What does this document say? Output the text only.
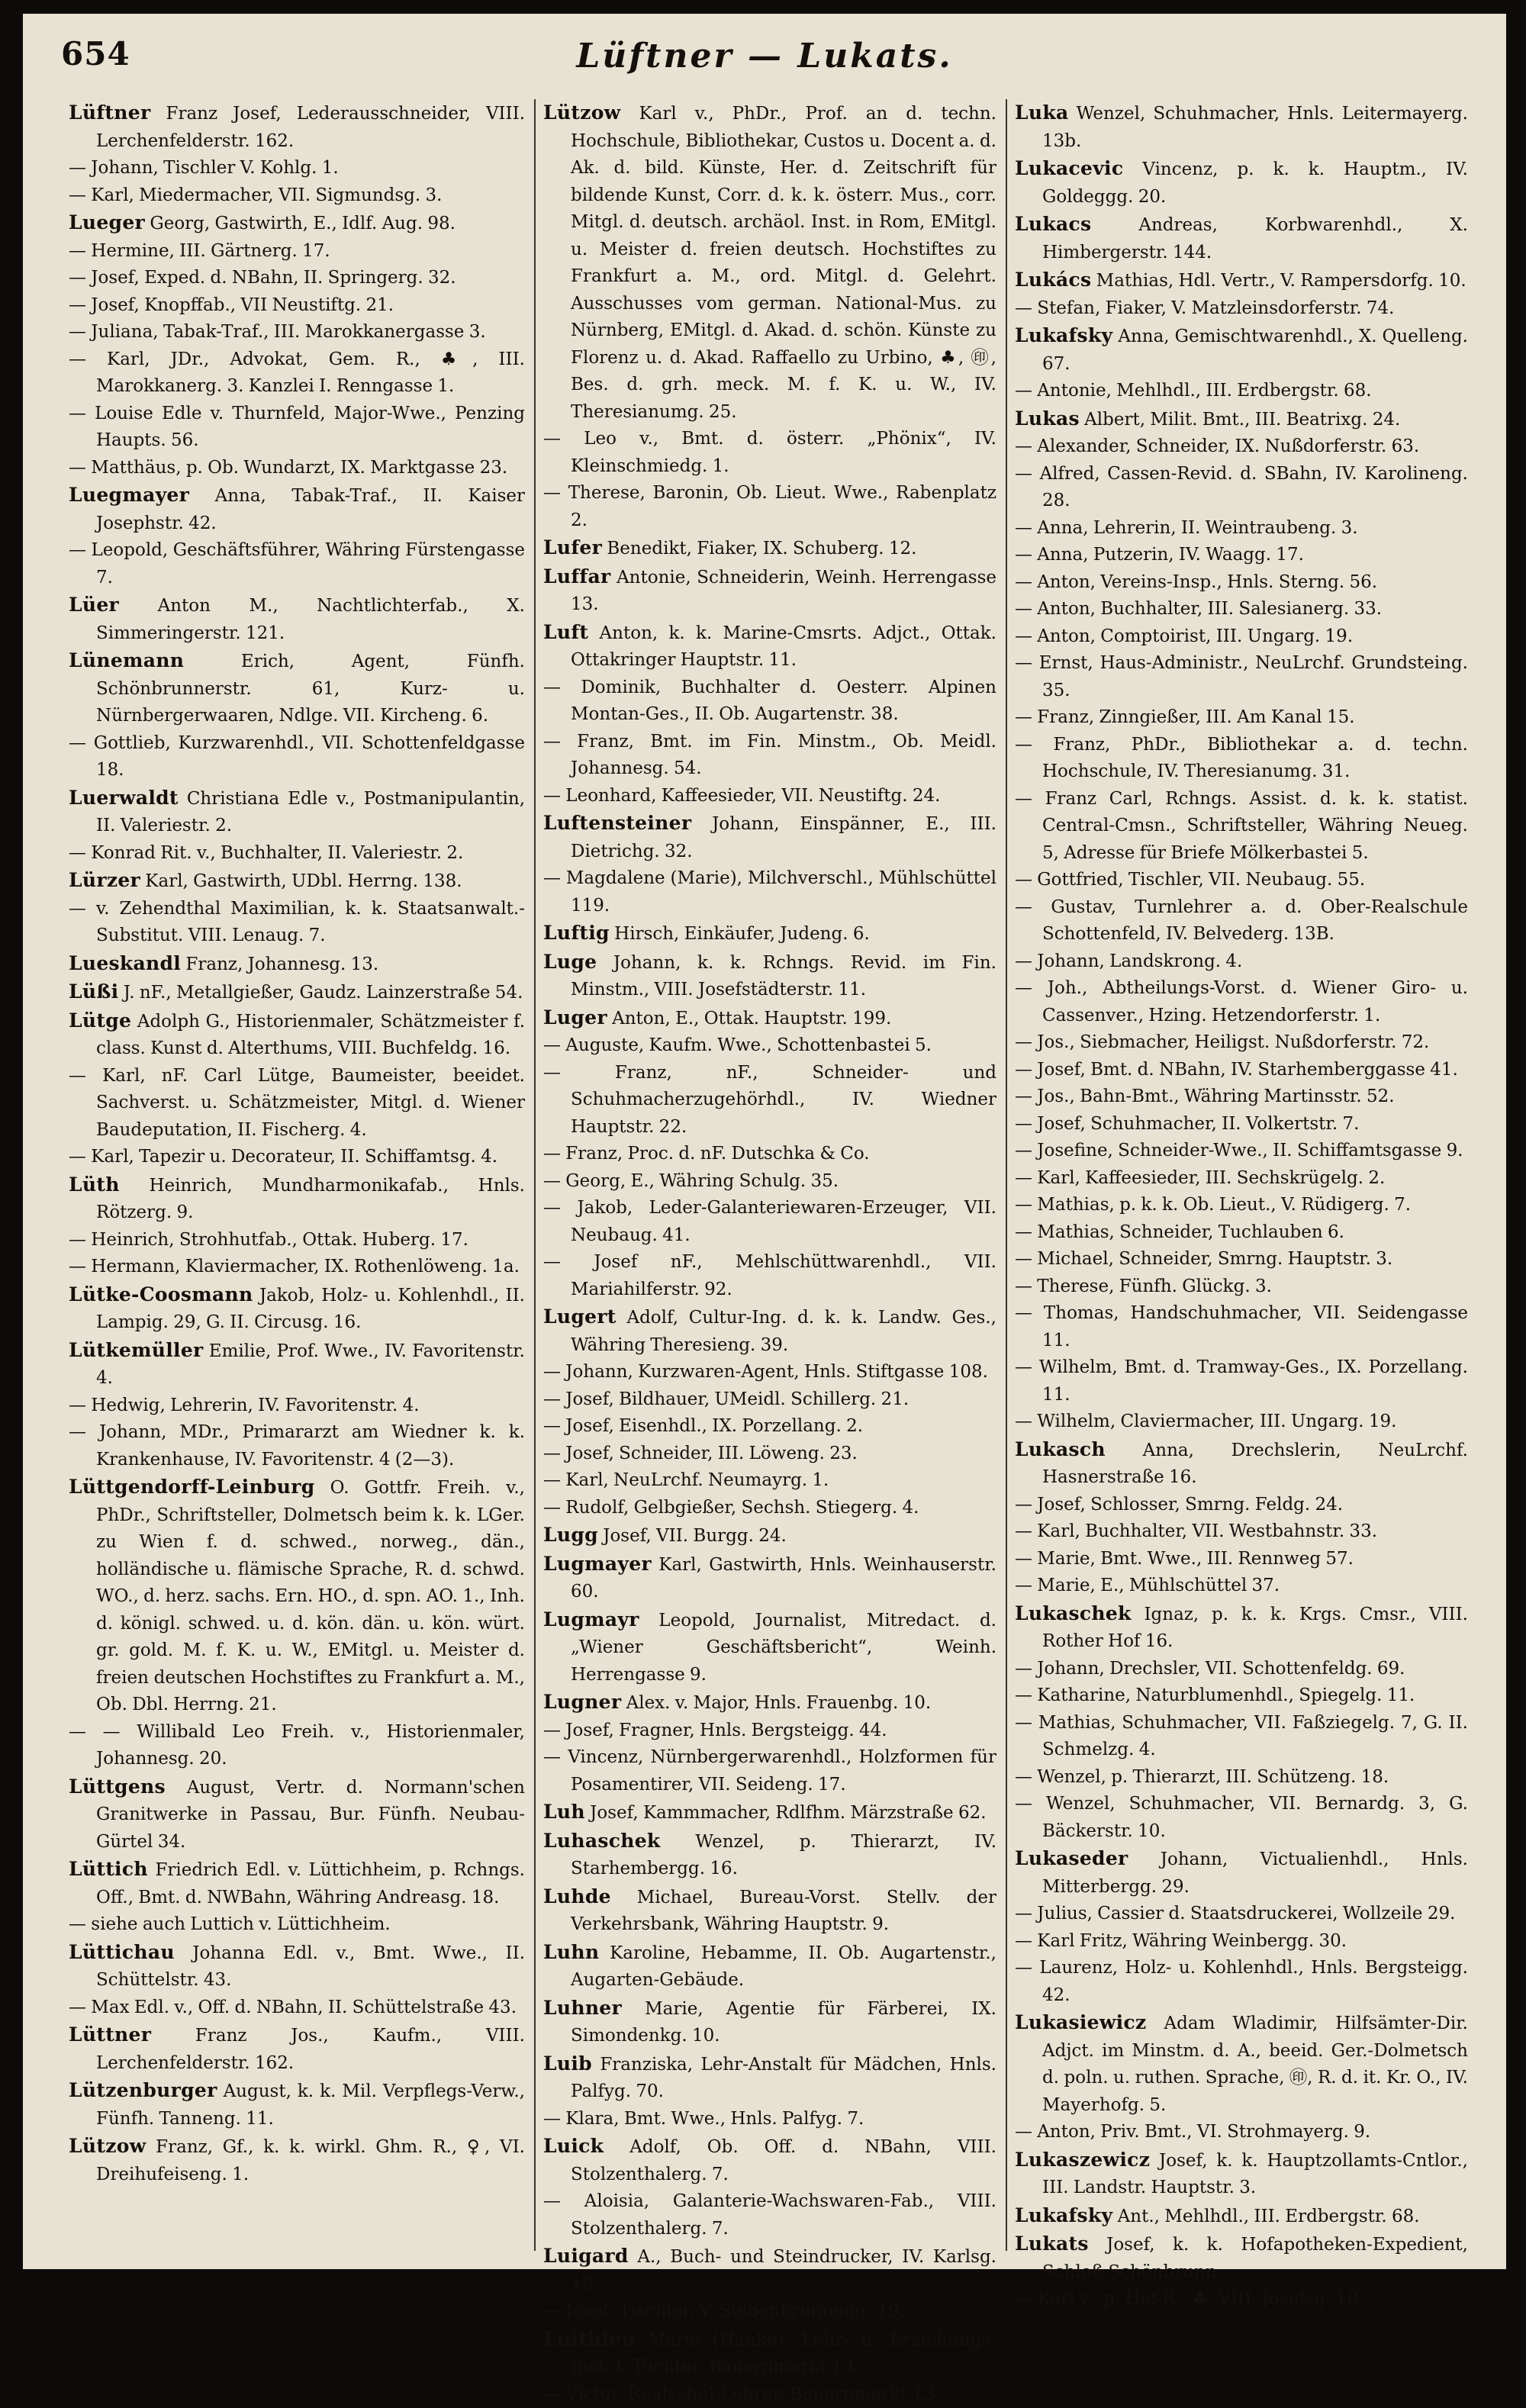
654	Lüftner — Lukats.

Lüftner Franz Josef, Lederausschneider, VIII. Lerchenfelderstr. 162.

— Johann, Tischler V. Kohlg. 1.

— Karl, Miedermacher, VII. Sigmundsg. 3.

Lueger Georg, Gastwirth, E., Idlf. Aug. 98.

— Hermine, III. Gärtnerg. 17.

— Josef, Exped. d. NBahn, II. Springerg. 32.

— Josef, Knopffab., VII Neustiftg. 21.

— Juliana, Tabak-Traf., III. Marokkanergasse 3.

— Karl, JDr., Advokat, Gem. R., ♣, III. Marokkanerg. 3. Kanzlei I. Renngasse 1.

— Louise Edle v. Thurnfeld, Major-Wwe., Penzing Haupts. 56.

— Matthäus, p. Ob. Wundarzt, IX. Marktgasse 23.

Luegmayer Anna, Tabak-Traf., II. Kaiser Josephstr. 42.

— Leopold, Geschäftsführer, Währing Fürstengasse 7.

Lüer Anton M., Nachtlichterfab., X. Simmeringerstr. 121.

Lünemann Erich, Agent, Fünfh. Schönbrunnerstr. 61, Kurz- u. Nürnbergerwaaren, Ndlge. VII. Kircheng. 6.

— Gottlieb, Kurzwarenhdl., VII. Schottenfeldgasse 18.

Luerwaldt Christiana Edle v., Postmanipulantin, II. Valeriestr. 2.

— Konrad Rit. v., Buchhalter, II. Valeriestr. 2.

Lürzer Karl, Gastwirth, UDbl. Herrng. 138.

— v. Zehendthal Maximilian, k. k. Staatsanwalt.-Substitut. VIII. Lenaug. 7.

Lueskandl Franz, Johannesg. 13.

Lüßi J. nF., Metallgießer, Gaudz. Lainzerstraße 54.

Lütge Adolph G., Historienmaler, Schätzmeister f. class. Kunst d. Alterthums, VIII. Buchfeldg. 16.

— Karl, nF. Carl Lütge, Baumeister, beeidet. Sachverst. u. Schätzmeister, Mitgl. d. Wiener Baudeputation, II. Fischerg. 4.

— Karl, Tapezir u. Decorateur, II. Schiffamtsg. 4.

Lüth Heinrich, Mundharmonikafab., Hnls. Rötzerg. 9.

— Heinrich, Strohhutfab., Ottak. Huberg. 17.

— Hermann, Klaviermacher, IX. Rothenlöweng. 1a.

Lütke-Coosmann Jakob, Holz- u. Kohlenhdl., II. Lampig. 29, G. II. Circusg. 16.

Lütkemüller Emilie, Prof. Wwe., IV. Favoritenstr. 4.

— Hedwig, Lehrerin, IV. Favoritenstr. 4.

— Johann, MDr., Primararzt am Wiedner k. k. Krankenhause, IV. Favoritenstr. 4 (2—3).

Lüttgendorff-Leinburg O. Gottfr. Freih. v., PhDr., Schriftsteller, Dolmetsch beim k. k. LGer. zu Wien f. d. schwed., norweg., dän., holländische u. flämische Sprache, R. d. schwd. WO., d. herz. sachs. Ern. HO., d. spn. AO. 1., Inh. d. königl. schwed. u. d. kön. dän. u. kön. würt. gr. gold. M. f. K. u. W., EMitgl. u. Meister d. freien deutschen Hochstiftes zu Frankfurt a. M., Ob. Dbl. Herrng. 21.

— — Willibald Leo Freih. v., Historienmaler, Johannesg. 20.

Lüttgens August, Vertr. d. Normann'schen Granitwerke in Passau, Bur. Fünfh. Neubau-Gürtel 34.

Lüttich Friedrich Edl. v. Lüttichheim, p. Rchngs. Off., Bmt. d. NWBahn, Währing Andreasg. 18.

— siehe auch Luttich v. Lüttichheim.

Lüttichau Johanna Edl. v., Bmt. Wwe., II. Schüttelstr. 43.

— Max Edl. v., Off. d. NBahn, II. Schüttelstraße 43.

Lüttner Franz Jos., Kaufm., VIII. Lerchenfelderstr. 162.

Lützenburger August, k. k. Mil. Verpflegs-Verw., Fünfh. Tanneng. 11.

Lützow Franz, Gf., k. k. wirkl. Ghm. R., ♀, VI. Dreihufeiseng. 1.

Lützow Karl v., PhDr., Prof. an d. techn. Hochschule, Bibliothekar, Custos u. Docent a. d. Ak. d. bild. Künste, Her. d. Zeitschrift für bildende Kunst, Corr. d. k. k. österr. Mus., corr. Mitgl. d. deutsch. archäol. Inst. in Rom, EMitgl. u. Meister d. freien deutsch. Hochstiftes zu Frankfurt a. M., ord. Mitgl. d. Gelehrt. Ausschusses vom german. National-Mus. zu Nürnberg, EMitgl. d. Akad. d. schön. Künste zu Florenz u. d. Akad. Raffaello zu Urbino, ♣, ㊞, Bes. d. grh. meck. M. f. K. u. W., IV. Theresianumg. 25.

— Leo v., Bmt. d. österr. „Phönix“, IV. Kleinschmiedg. 1.

— Therese, Baronin, Ob. Lieut. Wwe., Rabenplatz 2.

Lufer Benedikt, Fiaker, IX. Schuberg. 12.

Luffar Antonie, Schneiderin, Weinh. Herrengasse 13.

Luft Anton, k. k. Marine-Cmsrts. Adjct., Ottak. Ottakringer Hauptstr. 11.

— Dominik, Buchhalter d. Oesterr. Alpinen Montan-Ges., II. Ob. Augartenstr. 38.

— Franz, Bmt. im Fin. Minstm., Ob. Meidl. Johannesg. 54.

— Leonhard, Kaffeesieder, VII. Neustiftg. 24.

Luftensteiner Johann, Einspänner, E., III. Dietrichg. 32.

— Magdalene (Marie), Milchverschl., Mühlschüttel 119.

Luftig Hirsch, Einkäufer, Judeng. 6.

Luge Johann, k. k. Rchngs. Revid. im Fin. Minstm., VIII. Josefstädterstr. 11.

Luger Anton, E., Ottak. Hauptstr. 199.

— Auguste, Kaufm. Wwe., Schottenbastei 5.

— Franz, nF., Schneider- und Schuhmacherzugehörhdl., IV. Wiedner Hauptstr. 22.

— Franz, Proc. d. nF. Dutschka & Co.

— Georg, E., Währing Schulg. 35.

— Jakob, Leder-Galanteriewaren-Erzeuger, VII. Neubaug. 41.

— Josef nF., Mehlschüttwarenhdl., VII. Mariahilferstr. 92.

Lugert Adolf, Cultur-Ing. d. k. k. Landw. Ges., Währing Theresieng. 39.

— Johann, Kurzwaren-Agent, Hnls. Stiftgasse 108.

— Josef, Bildhauer, UMeidl. Schillerg. 21.

— Josef, Eisenhdl., IX. Porzellang. 2.

— Josef, Schneider, III. Löweng. 23.

— Karl, NeuLrchf. Neumayrg. 1.

— Rudolf, Gelbgießer, Sechsh. Stiegerg. 4.

Lugg Josef, VII. Burgg. 24.

Lugmayer Karl, Gastwirth, Hnls. Weinhauserstr. 60.

Lugmayr Leopold, Journalist, Mitredact. d. „Wiener Geschäftsbericht“, Weinh. Herrengasse 9.

Lugner Alex. v. Major, Hnls. Frauenbg. 10.

— Josef, Fragner, Hnls. Bergsteigg. 44.

— Vincenz, Nürnbergerwarenhdl., Holzformen für Posamentirer, VII. Seideng. 17.

Luh Josef, Kammmacher, Rdlfhm. Märzstraße 62.

Luhaschek Wenzel, p. Thierarzt, IV. Starhembergg. 16.

Luhde Michael, Bureau-Vorst. Stellv. der Verkehrsbank, Währing Hauptstr. 9.

Luhn Karoline, Hebamme, II. Ob. Augartenstr., Augarten-Gebäude.

Luhner Marie, Agentie für Färberei, IX. Simondenkg. 10.

Luib Franziska, Lehr-Anstalt für Mädchen, Hnls. Palfyg. 70.

— Klara, Bmt. Wwe., Hnls. Palfyg. 7.

Luick Adolf, Ob. Off. d. NBahn, VIII. Stolzenthalerg. 7.

— Aloisia, Galanterie-Wachswaren-Fab., VIII. Stolzenthalerg. 7.

Luigard A., Buch- und Steindrucker, IV. Karlsg. 18.

— Josef, Tischler, V. Siebenbrunneng. 19.

Luithlen Marie (Hanke), Lehr- u. Erziehungs-Inst. f. Töchter, Bauernmarkt 13.

— Victor, Realschul-Lehrer, Bauernmarkt 13.

Luka Wenzel, Schuhmacher, Hnls. Leitermayerg. 13b.

Lukacevic Vincenz, p. k. k. Hauptm., IV. Goldeggg. 20.

Lukacs Andreas, Korbwarenhdl., X. Himbergerstr. 144.

Lukács Mathias, Hdl. Vertr., V. Rampersdorfg. 10.

— Stefan, Fiaker, V. Matzleinsdorferstr. 74.

Lukafsky Anna, Gemischtwarenhdl., X. Quelleng. 67.

— Antonie, Mehlhdl., III. Erdbergstr. 68.

Lukas Albert, Milit. Bmt., III. Beatrixg. 24.

— Alexander, Schneider, IX. Nußdorferstr. 63.

— Alfred, Cassen-Revid. d. SBahn, IV. Karolineng. 28.

— Anna, Lehrerin, II. Weintraubeng. 3.

— Anna, Putzerin, IV. Waagg. 17.

— Anton, Vereins-Insp., Hnls. Sterng. 56.

— Anton, Buchhalter, III. Salesianerg. 33.

— Anton, Comptoirist, III. Ungarg. 19.

— Ernst, Haus-Administr., NeuLrchf. Grundsteing. 35.

— Franz, Zinngießer, III. Am Kanal 15.

— Franz, PhDr., Bibliothekar a. d. techn. Hochschule, IV. Theresianumg. 31.

— Franz Carl, Rchngs. Assist. d. k. k. statist. Central-Cmsn., Schriftsteller, Währing Neueg. 5, Adresse für Briefe Mölkerbastei 5.

— Gottfried, Tischler, VII. Neubaug. 55.

— Gustav, Turnlehrer a. d. Ober-Realschule Schottenfeld, IV. Belvederg. 13B.

— Johann, Landskrong. 4.

— Joh., Abtheilungs-Vorst. d. Wiener Giro- u. Cassenver., Hzing. Hetzendorferstr. 1.

— Jos., Siebmacher, Heiligst. Nußdorferstr. 72.

— Josef, Bmt. d. NBahn, IV. Starhemberggasse 41.

— Jos., Bahn-Bmt., Währing Martinsstr. 52.

— Josef, Schuhmacher, II. Volkertstr. 7.

— Josefine, Schneider-Wwe., II. Schiffamtsgasse 9.

— Karl, Kaffeesieder, III. Sechskrügelg. 2.

— Mathias, p. k. k. Ob. Lieut., V. Rüdigerg. 7.

— Mathias, Schneider, Tuchlauben 6.

— Michael, Schneider, Smrng. Hauptstr. 3.

— Therese, Fünfh. Glückg. 3.

— Thomas, Handschuhmacher, VII. Seidengasse 11.

— Wilhelm, Bmt. d. Tramway-Ges., IX. Porzellang. 11.

— Wilhelm, Claviermacher, III. Ungarg. 19.

Lukasch Anna, Drechslerin, NeuLrchf. Hasnerstraße 16.

— Josef, Schlosser, Smrng. Feldg. 24.

— Karl, Buchhalter, VII. Westbahnstr. 33.

— Marie, Bmt. Wwe., III. Rennweg 57.

— Marie, E., Mühlschüttel 37.

Lukaschek Ignaz, p. k. k. Krgs. Cmsr., VIII. Rother Hof 16.

— Johann, Drechsler, VII. Schottenfeldg. 69.

— Katharine, Naturblumenhdl., Spiegelg. 11.

— Mathias, Schuhmacher, VII. Faßziegelg. 7, G. II. Schmelzg. 4.

— Wenzel, p. Thierarzt, III. Schützeng. 18.

— Wenzel, Schuhmacher, VII. Bernardg. 3, G. Bäckerstr. 10.

Lukaseder Johann, Victualienhdl., Hnls. Mitterbergg. 29.

— Julius, Cassier d. Staatsdruckerei, Wollzeile 29.

— Karl Fritz, Währing Weinbergg. 30.

— Laurenz, Holz- u. Kohlenhdl., Hnls. Bergsteigg. 42.

Lukasiewicz Adam Wladimir, Hilfsämter-Dir. Adjct. im Minstm. d. A., beeid. Ger.-Dolmetsch d. poln. u. ruthen. Sprache, ㊞, R. d. it. Kr. O., IV. Mayerhofg. 5.

— Anton, Priv. Bmt., VI. Strohmayerg. 9.

Lukaszewicz Josef, k. k. Hauptzollamts-Cntlor., III. Landstr. Hauptstr. 3.

Lukafsky Ant., Mehlhdl., III. Erdbergstr. 68.

Lukats Josef, k. k. Hofapotheken-Expedient, Schloß Schönbrunn.

— Karl v., p. Hof-R., ♣, VIII. Josefsg. 10.
